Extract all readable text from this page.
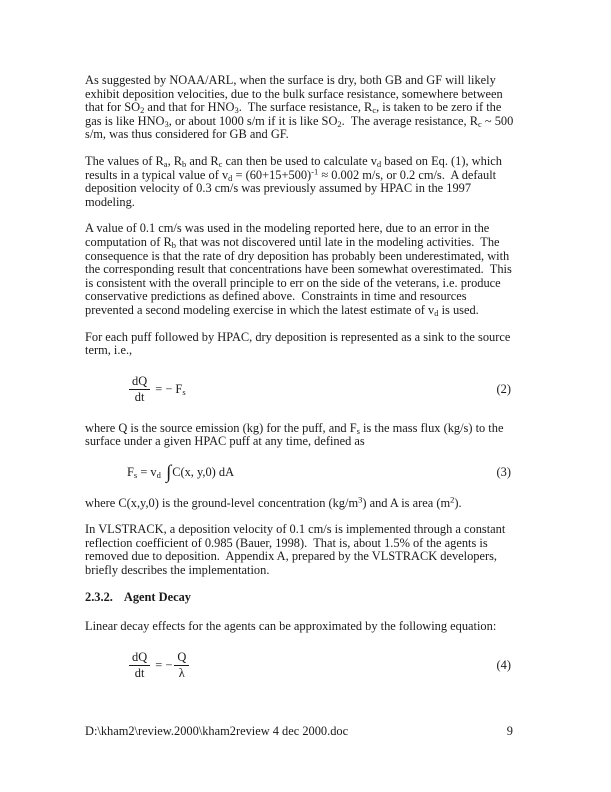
As suggested by NOAA/ARL, when the surface is dry, both GB and GF will likely exhibit deposition velocities, due to the bulk surface resistance, somewhere between that for $SO_2$ and that for $HNO_3$.  The surface resistance, $R_c$, is taken to be zero if the gas is like $HNO_3$, or about 1000 s/m if it is like $SO_2$.  The average resistance, $R_c$ ~ 500 s/m, was thus considered for GB and GF.
The values of $R_a$, $R_b$ and $R_c$ can then be used to calculate $v_d$ based on Eq. (1), which results in a typical value of $v_d = (60+15+500)^{-1} \approx 0.002$ m/s, or 0.2 cm/s.  A default deposition velocity of 0.3 cm/s was previously assumed by HPAC in the 1997 modeling.
A value of 0.1 cm/s was used in the modeling reported here, due to an error in the computation of $R_b$ that was not discovered until late in the modeling activities.  The consequence is that the rate of dry deposition has probably been underestimated, with the corresponding result that concentrations have been somewhat overestimated.  This is consistent with the overall principle to err on the side of the veterans, i.e. produce conservative predictions as defined above.  Constraints in time and resources prevented a second modeling exercise in which the latest estimate of $v_d$ is used.
For each puff followed by HPAC, dry deposition is represented as a sink to the source term, i.e.,
$\frac{dQ}{dt}$ = − $F_s$	(2)
where Q is the source emission (kg) for the puff, and $F_s$ is the mass flux (kg/s) to the surface under a given HPAC puff at any time, defined as
$F_s = v_d$ ∫C(x, y,0) dA	(3)
where C(x,y,0) is the ground-level concentration $(kg/m^3)$ and A is area $(m^2)$.
In VLSTRACK, a deposition velocity of 0.1 cm/s is implemented through a constant reflection coefficient of 0.985 (Bauer, 1998).  That is, about 1.5% of the agents is removed due to deposition.  Appendix A, prepared by the VLSTRACK developers, briefly describes the implementation.
2.3.2. Agent Decay
Linear decay effects for the agents can be approximated by the following equation:
$\frac{dQ}{dt}$ = − $\frac{Q}{\lambda}$	(4)
D:\kham2\review.2000\kham2review 4 dec 2000.doc	9
